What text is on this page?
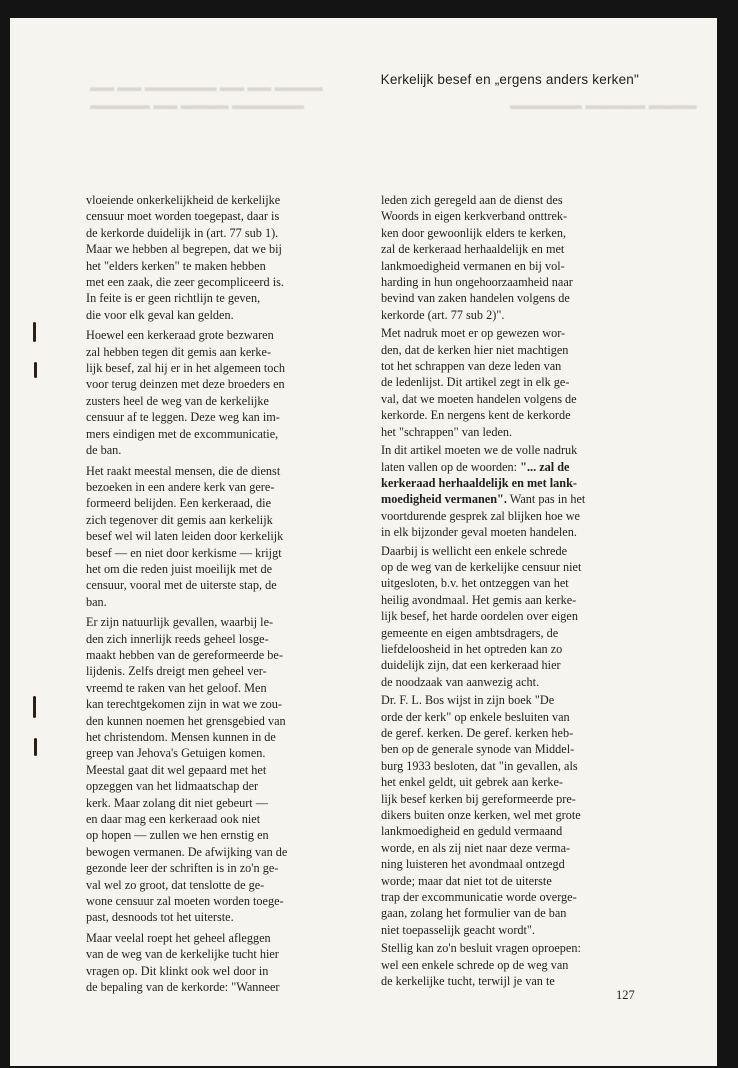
▬▬ ▬▬ ▬▬▬▬▬▬ ▬▬ ▬▬ ▬▬▬▬
▬▬▬▬▬ ▬▬ ▬▬▬▬ ▬▬▬▬▬▬	▬▬▬▬▬▬ ▬▬▬▬▬ ▬▬▬▬
Kerkelijk besef en „ergens anders kerken"

vloeiende onkerkelijkheid de kerkelijke
censuur moet worden toegepast, daar is
de kerkorde duidelijk in (art. 77 sub 1).
Maar we hebben al begrepen, dat we bij
het "elders kerken" te maken hebben
met een zaak, die zeer gecompliceerd is.
In feite is er geen richtlijn te geven,
die voor elk geval kan gelden.

Hoewel een kerkeraad grote bezwaren
zal hebben tegen dit gemis aan kerke-
lijk besef, zal hij er in het algemeen toch
voor terug deinzen met deze broeders en
zusters heel de weg van de kerkelijke
censuur af te leggen. Deze weg kan im-
mers eindigen met de excommunicatie,
de ban.

Het raakt meestal mensen, die de dienst
bezoeken in een andere kerk van gere-
formeerd belijden. Een kerkeraad, die
zich tegenover dit gemis aan kerkelijk
besef wel wil laten leiden door kerkelijk
besef — en niet door kerkisme — krijgt
het om die reden juist moeilijk met de
censuur, vooral met de uiterste stap, de
ban.

Er zijn natuurlijk gevallen, waarbij le-
den zich innerlijk reeds geheel losge-
maakt hebben van de gereformeerde be-
lijdenis. Zelfs dreigt men geheel ver-
vreemd te raken van het geloof. Men
kan terechtgekomen zijn in wat we zou-
den kunnen noemen het grensgebied van
het christendom. Mensen kunnen in de
greep van Jehova's Getuigen komen.
Meestal gaat dit wel gepaard met het
opzeggen van het lidmaatschap der
kerk. Maar zolang dit niet gebeurt —
en daar mag een kerkeraad ook niet
op hopen — zullen we hen ernstig en
bewogen vermanen. De afwijking van de
gezonde leer der schriften is in zo'n ge-
val wel zo groot, dat tenslotte de ge-
wone censuur zal moeten worden toege-
past, desnoods tot het uiterste.

Maar veelal roept het geheel afleggen
van de weg van de kerkelijke tucht hier
vragen op. Dit klinkt ook wel door in
de bepaling van de kerkorde: "Wanneer

leden zich geregeld aan de dienst des
Woords in eigen kerkverband onttrek-
ken door gewoonlijk elders te kerken,
zal de kerkeraad herhaaldelijk en met
lankmoedigheid vermanen en bij vol-
harding in hun ongehoorzaamheid naar
bevind van zaken handelen volgens de
kerkorde (art. 77 sub 2)".

Met nadruk moet er op gewezen wor-
den, dat de kerken hier niet machtigen
tot het schrappen van deze leden van
de ledenlijst. Dit artikel zegt in elk ge-
val, dat we moeten handelen volgens de
kerkorde. En nergens kent de kerkorde
het "schrappen" van leden.

In dit artikel moeten we de volle nadruk
laten vallen op de woorden: "... zal de
kerkeraad herhaaldelijk en met lank-
moedigheid vermanen". Want pas in het
voortdurende gesprek zal blijken hoe we
in elk bijzonder geval moeten handelen.

Daarbij is wellicht een enkele schrede
op de weg van de kerkelijke censuur niet
uitgesloten, b.v. het ontzeggen van het
heilig avondmaal. Het gemis aan kerke-
lijk besef, het harde oordelen over eigen
gemeente en eigen ambtsdragers, de
liefdeloosheid in het optreden kan zo
duidelijk zijn, dat een kerkeraad hier
de noodzaak van aanwezig acht.

Dr. F. L. Bos wijst in zijn boek "De
orde der kerk" op enkele besluiten van
de geref. kerken. De geref. kerken heb-
ben op de generale synode van Middel-
burg 1933 besloten, dat "in gevallen, als
het enkel geldt, uit gebrek aan kerke-
lijk besef kerken bij gereformeerde pre-
dikers buiten onze kerken, wel met grote
lankmoedigheid en geduld vermaand
worde, en als zij niet naar deze verma-
ning luisteren het avondmaal ontzegd
worde; maar dat niet tot de uiterste
trap der excommunicatie worde overge-
gaan, zolang het formulier van de ban
niet toepasselijk geacht wordt".

Stellig kan zo'n besluit vragen oproepen:
wel een enkele schrede op de weg van
de kerkelijke tucht, terwijl je van te

127
